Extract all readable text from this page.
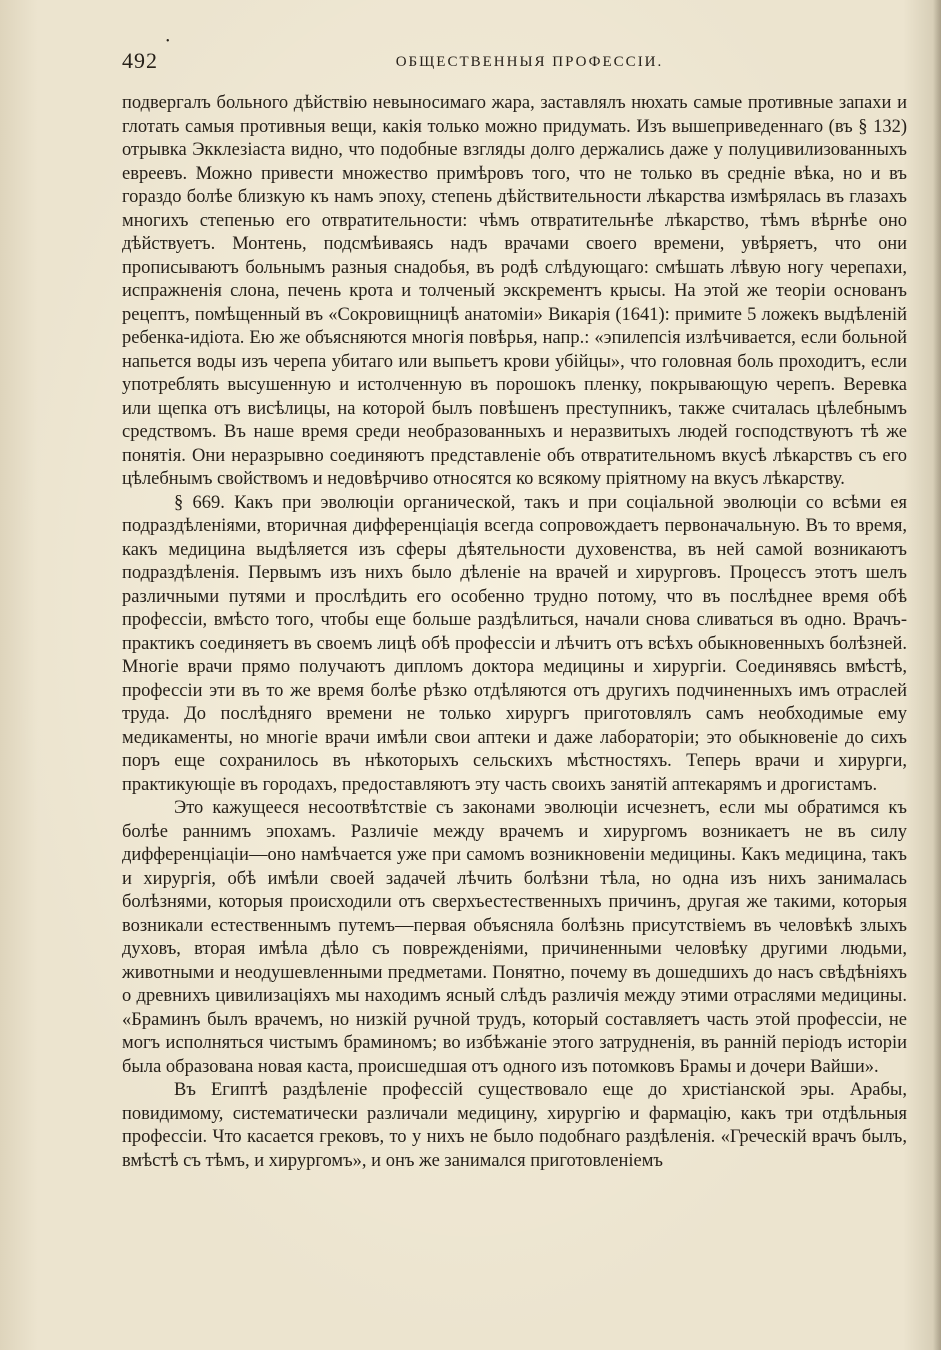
492
•
ОБЩЕСТВЕННЫЯ ПРОФЕССІИ.

подвергалъ больного дѣйствію невыносимаго жара, заставлялъ нюхать самые противные запахи и глотать самыя противныя вещи, какія только можно придумать. Изъ вышеприведеннаго (въ § 132) отрывка Экклезіаста видно, что подобные взгляды долго держались даже у полуцивилизованныхъ евреевъ. Можно привести множество примѣровъ того, что не только въ средніе вѣка, но и въ гораздо болѣе близкую къ намъ эпоху, степень дѣйствительности лѣкарства измѣрялась въ глазахъ многихъ степенью его отвратительности: чѣмъ отвратительнѣе лѣкарство, тѣмъ вѣрнѣе оно дѣйствуетъ. Монтень, подсмѣиваясь надъ врачами своего времени, увѣряетъ, что они прописываютъ больнымъ разныя снадобья, въ родѣ слѣдующаго: смѣшать лѣвую ногу черепахи, испражненія слона, печень крота и толченый экскрементъ крысы. На этой же теоріи основанъ рецептъ, помѣщенный въ «Сокровищницѣ анатоміи» Викарія (1641): примите 5 ложекъ выдѣленій ребенка-идіота. Ею же объясняются многія повѣрья, напр.: «эпилепсія излѣчивается, если больной напьется воды изъ черепа убитаго или выпьетъ крови убійцы», что головная боль проходитъ, если употреблять высушенную и истолченную въ порошокъ пленку, покрывающую черепъ. Веревка или щепка отъ висѣлицы, на которой былъ повѣшенъ преступникъ, также считалась цѣлебнымъ средствомъ. Въ наше время среди необразованныхъ и неразвитыхъ людей господствуютъ тѣ же понятія. Они неразрывно соединяютъ представленіе объ отвратительномъ вкусѣ лѣкарствъ съ его цѣлебнымъ свойствомъ и недовѣрчиво относятся ко всякому пріятному на вкусъ лѣкарству.

§ 669. Какъ при эволюціи органической, такъ и при соціальной эволюціи со всѣми ея подраздѣленіями, вторичная дифференціація всегда сопровождаетъ первоначальную. Въ то время, какъ медицина выдѣляется изъ сферы дѣятельности духовенства, въ ней самой возникаютъ подраздѣленія. Первымъ изъ нихъ было дѣленіе на врачей и хирурговъ. Процессъ этотъ шелъ различными путями и прослѣдить его особенно трудно потому, что въ послѣднее время обѣ профессіи, вмѣсто того, чтобы еще больше раздѣлиться, начали снова сливаться въ одно. Врачъ-практикъ соединяетъ въ своемъ лицѣ обѣ профессіи и лѣчитъ отъ всѣхъ обыкновенныхъ болѣзней. Многіе врачи прямо получаютъ дипломъ доктора медицины и хирургіи. Соединявясь вмѣстѣ, профессіи эти въ то же время болѣе рѣзко отдѣляются отъ другихъ подчиненныхъ имъ отраслей труда. До послѣдняго времени не только хирургъ приготовлялъ самъ необходимые ему медикаменты, но многіе врачи имѣли свои аптеки и даже лабораторіи; это обыкновеніе до сихъ поръ еще сохранилось въ нѣкоторыхъ сельскихъ мѣстностяхъ. Теперь врачи и хирурги, практикующіе въ городахъ, предоставляютъ эту часть своихъ занятій аптекарямъ и дрогистамъ.

Это кажущееся несоотвѣтствіе съ законами эволюціи исчезнетъ, если мы обратимся къ болѣе раннимъ эпохамъ. Различіе между врачемъ и хирургомъ возникаетъ не въ силу дифференціаціи—оно намѣчается уже при самомъ возникновеніи медицины. Какъ медицина, такъ и хирургія, обѣ имѣли своей задачей лѣчить болѣзни тѣла, но одна изъ нихъ занималась болѣзнями, которыя происходили отъ сверхъестественныхъ причинъ, другая же такими, которыя возникали естественнымъ путемъ—первая объясняла болѣзнь присутствіемъ въ человѣкѣ злыхъ духовъ, вторая имѣла дѣло съ поврежденіями, причиненными человѣку другими людьми, животными и неодушевленными предметами. Понятно, почему въ дошедшихъ до насъ свѣдѣніяхъ о древнихъ цивилизаціяхъ мы находимъ ясный слѣдъ различія между этими отраслями медицины. «Браминъ былъ врачемъ, но низкій ручной трудъ, который составляетъ часть этой профессіи, не могъ исполняться чистымъ браминомъ; во избѣжаніе этого затрудненія, въ ранній періодъ исторіи была образована новая каста, происшедшая отъ одного изъ потомковъ Брамы и дочери Вайши».

Въ Египтѣ раздѣленіе профессій существовало еще до христіанской эры. Арабы, повидимому, систематически различали медицину, хирургію и фармацію, какъ три отдѣльныя профессіи. Что касается грековъ, то у нихъ не было подобнаго раздѣленія. «Греческій врачъ былъ, вмѣстѣ съ тѣмъ, и хирургомъ», и онъ же занимался приготовленіемъ
